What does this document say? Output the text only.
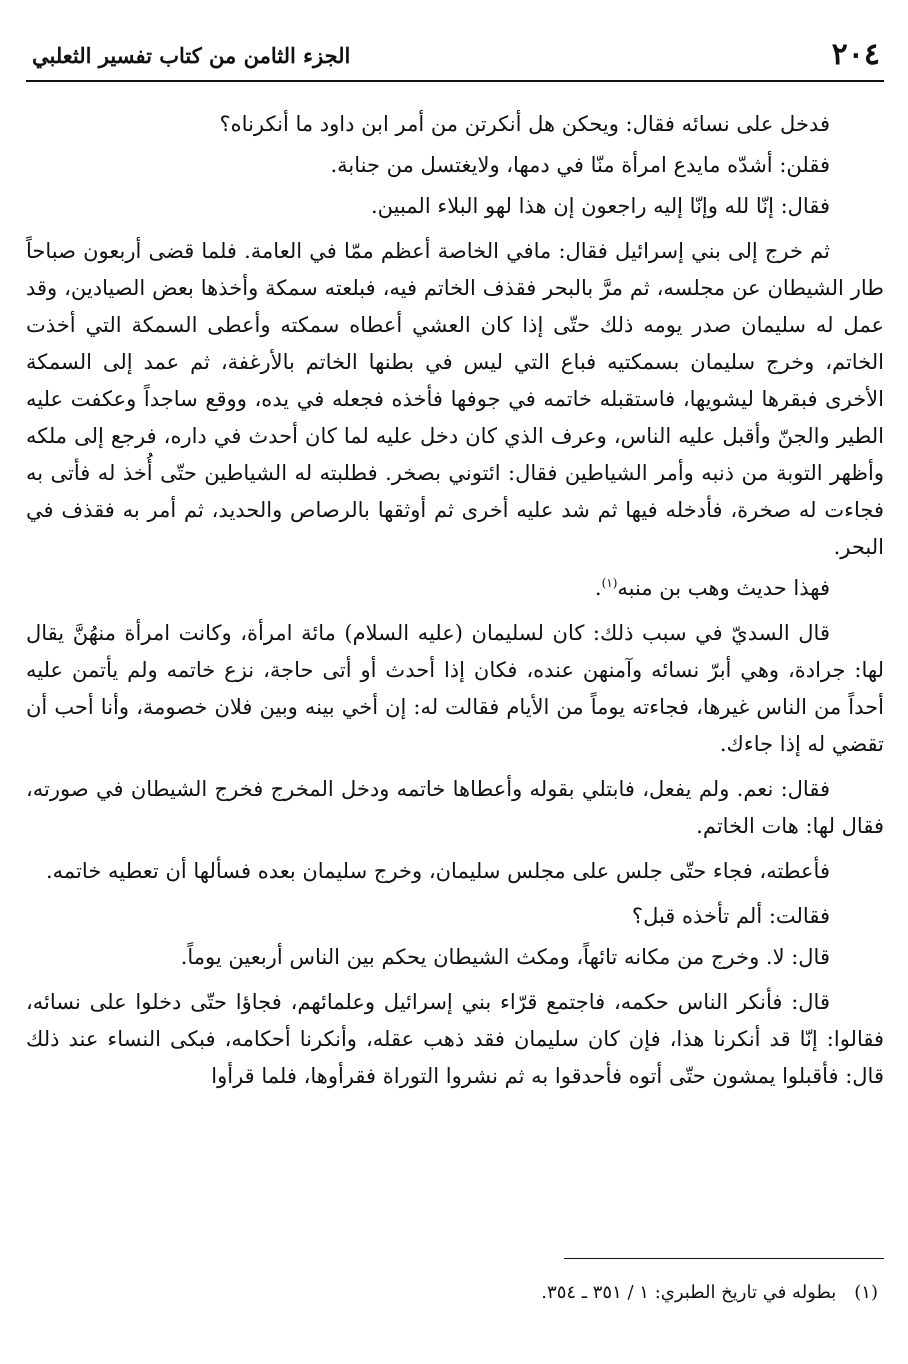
٢٠٤
الجزء الثامن من كتاب تفسير الثعلبي

فدخل على نسائه فقال: ويحكن هل أنكرتن من أمر ابن داود ما أنكرناه؟

فقلن: أشدّه مايدع امرأة منّا في دمها، ولايغتسل من جنابة.

فقال: إنّا لله وإنّا إليه راجعون إن هذا لهو البلاء المبين.

ثم خرج إلى بني إسرائيل فقال: مافي الخاصة أعظم ممّا في العامة. فلما قضى أربعون صباحاً طار الشيطان عن مجلسه، ثم مرَّ بالبحر فقذف الخاتم فيه، فبلعته سمكة وأخذها بعض الصيادين، وقد عمل له سليمان صدر يومه ذلك حتّى إذا كان العشي أعطاه سمكته وأعطى السمكة التي أخذت الخاتم، وخرج سليمان بسمكتيه فباع التي ليس في بطنها الخاتم بالأرغفة، ثم عمد إلى السمكة الأخرى فبقرها ليشويها، فاستقبله خاتمه في جوفها فأخذه فجعله في يده، ووقع ساجداً وعكفت عليه الطير والجنّ وأقبل عليه الناس، وعرف الذي كان دخل عليه لما كان أحدث في داره، فرجع إلى ملكه وأظهر التوبة من ذنبه وأمر الشياطين فقال: ائتوني بصخر. فطلبته له الشياطين حتّى أُخذ له فأتى به فجاءت له صخرة، فأدخله فيها ثم شد عليه أخرى ثم أوثقها بالرصاص والحديد، ثم أمر به فقذف في البحر.

فهذا حديث وهب بن منبه$^{(١)}$.

قال السديّ في سبب ذلك: كان لسليمان (عليه السلام) مائة امرأة، وكانت امرأة منهُنَّ يقال لها: جرادة، وهي أبرّ نسائه وآمنهن عنده، فكان إذا أحدث أو أتى حاجة، نزع خاتمه ولم يأتمن عليه أحداً من الناس غيرها، فجاءته يوماً من الأيام فقالت له: إن أخي بينه وبين فلان خصومة، وأنا أحب أن تقضي له إذا جاءك.

فقال: نعم. ولم يفعل، فابتلي بقوله وأعطاها خاتمه ودخل المخرج فخرج الشيطان في صورته، فقال لها: هات الخاتم.

فأعطته، فجاء حتّى جلس على مجلس سليمان، وخرج سليمان بعده فسألها أن تعطيه خاتمه.

فقالت: ألم تأخذه قبل؟

قال: لا. وخرج من مكانه تائهاً، ومكث الشيطان يحكم بين الناس أربعين يوماً.

قال: فأنكر الناس حكمه، فاجتمع قرّاء بني إسرائيل وعلمائهم، فجاؤا حتّى دخلوا على نسائه، فقالوا: إنّا قد أنكرنا هذا، فإن كان سليمان فقد ذهب عقله، وأنكرنا أحكامه، فبكى النساء عند ذلك قال: فأقبلوا يمشون حتّى أتوه فأحدقوا به ثم نشروا التوراة فقرأوها، فلما قرأوا

(١)بطوله في تاريخ الطبري: ١ / ٣٥١ ـ ٣٥٤.
